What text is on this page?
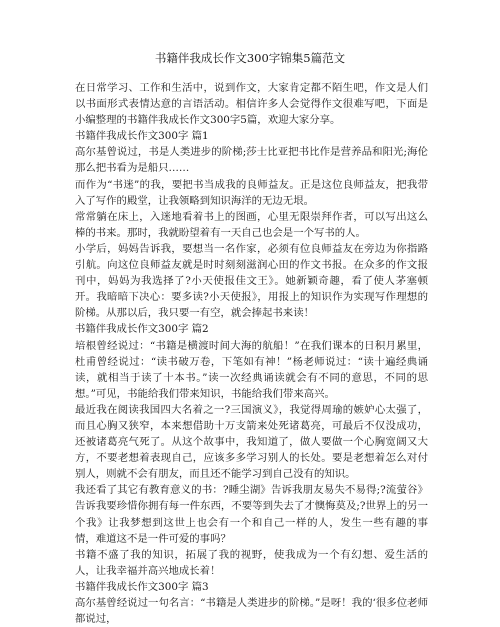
书籍伴我成长作文300字锦集5篇范文

在日常学习、工作和生活中，说到作文，大家肯定都不陌生吧，作文是人们以书面形式表情达意的言语活动。相信许多人会觉得作文很难写吧，下面是小编整理的书籍伴我成长作文300字5篇，欢迎大家分享。

书籍伴我成长作文300字 篇1

高尔基曾说过，书是人类进步的阶梯;莎士比亚把书比作是营养品和阳光;海伦那么把书看为是船只……

而作为“书迷”的我，要把书当成我的良师益友。正是这位良师益友，把我带入了写作的殿堂，让我领略到知识海洋的无边无垠。

常常躺在床上，入迷地看着书上的图画，心里无限崇拜作者，可以写出这么棒的书来。那时，我就盼望着有一天自己也会是一个写书的人。

小学后，妈妈告诉我，要想当一名作家，必须有位良师益友在旁边为你指路引航。向这位良师益友就是时时刻刻滋润心田的作文书报。在众多的作文报刊中，妈妈为我选择了?小天使报佳文王》。她新颖奇趣，看了使人茅塞顿开。我暗暗下决心：要多读?小天使报》，用报上的知识作为实现写作理想的阶梯。从那以后，我只要一有空，就会捧起书来读！

书籍伴我成长作文300字 篇2

培根曾经说过：“书籍是横渡时间大海的航船！”在我们课本的日积月累里，杜甫曾经说过：“读书破万卷，下笔如有神！”杨老师说过：“读十遍经典诵读，就相当于读了十本书。”读一次经典诵读就会有不同的意思，不同的思想。”可见，书能给我们带来知识，书能给我们带来高兴。

最近我在阅读我国四大名着之一?三国演义》，我觉得周瑜的嫉妒心太强了，而且心胸又狭窄，本来想借助十万支箭来处死诸葛亮，可最后不仅没成功，还被诸葛亮气死了。从这个故事中，我知道了，做人要做一个心胸宽阔又大方，不要老想着表现自己，应该多多学习别人的长处。要是老想着怎么对付别人，则就不会有朋友，而且还不能学习到自己没有的知识。

我还看了其它有教育意义的书：?睡尘湖》告诉我朋友易失不易得;?流萤谷》告诉我要珍惜你拥有每一件东西，不要等到失去了才懊悔莫及;?世界上的另一个我》让我梦想到这世上也会有一个和自己一样的人，发生一些有趣的事情，难道这不是一件可爱的事吗？

书籍不盛了我的知识，拓展了我的视野，使我成为一个有幻想、爱生活的人，让我幸福并高兴地成长着！

书籍伴我成长作文300字 篇3

高尔基曾经说过一句名言：“书籍是人类进步的阶梯。”是呀！我的‘很多位老师都说过，
